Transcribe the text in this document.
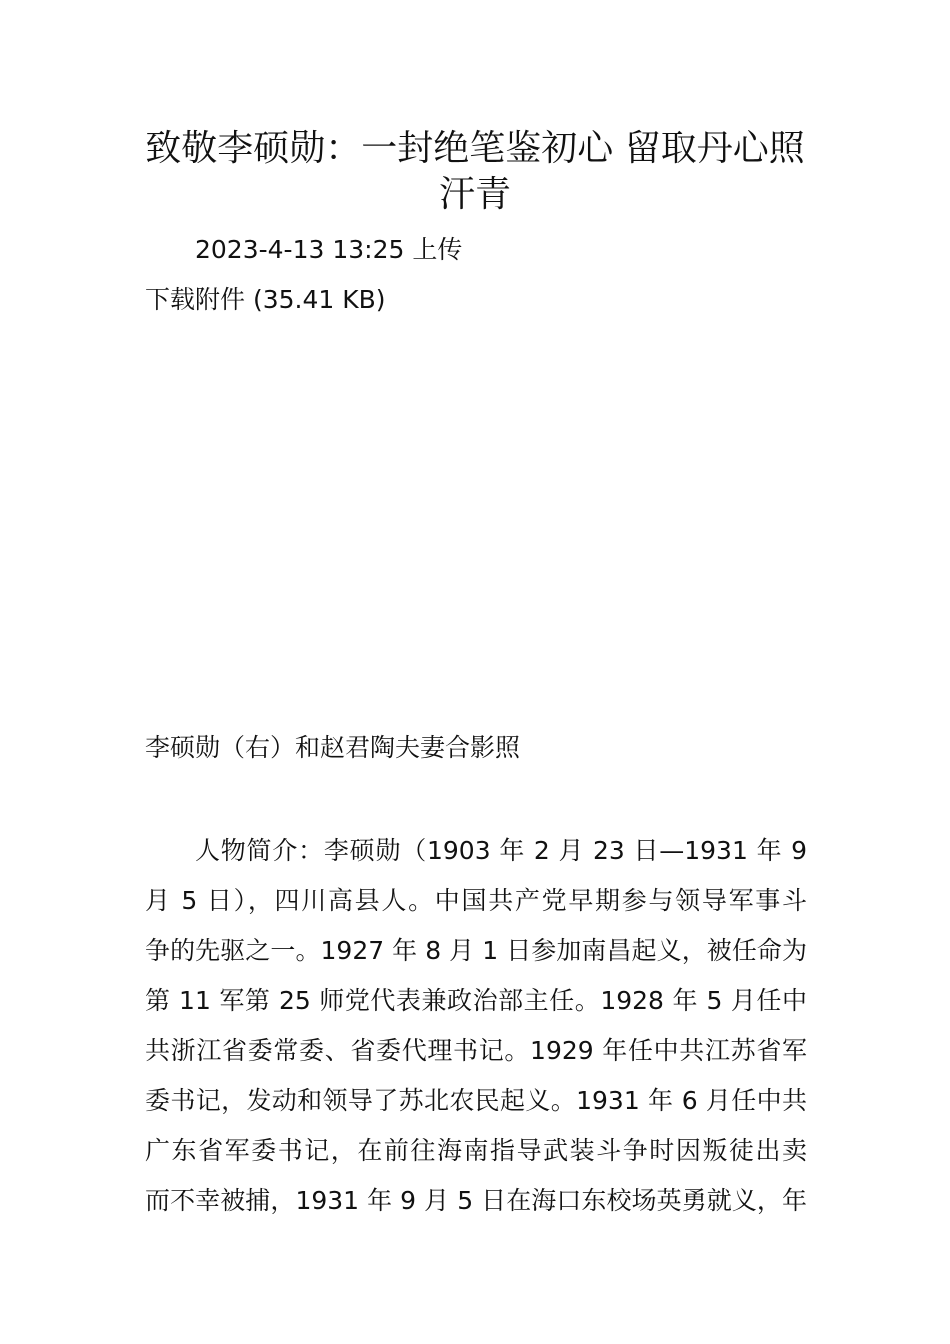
致敬李硕勋：一封绝笔鉴初心 留取丹心照汗青
2023-4-13 13:25 上传
下载附件 (35.41 KB)
李硕勋（右）和赵君陶夫妻合影照
人物简介：李硕勋（1903 年 2 月 23 日—1931 年 9
月 5 日），四川高县人。中国共产党早期参与领导军事斗
争的先驱之一。1927 年 8 月 1 日参加南昌起义，被任命为
第 11 军第 25 师党代表兼政治部主任。1928 年 5 月任中
共浙江省委常委、省委代理书记。1929 年任中共江苏省军
委书记，发动和领导了苏北农民起义。1931 年 6 月任中共
广东省军委书记，在前往海南指导武装斗争时因叛徒出卖
而不幸被捕，1931 年 9 月 5 日在海口东校场英勇就义，年
